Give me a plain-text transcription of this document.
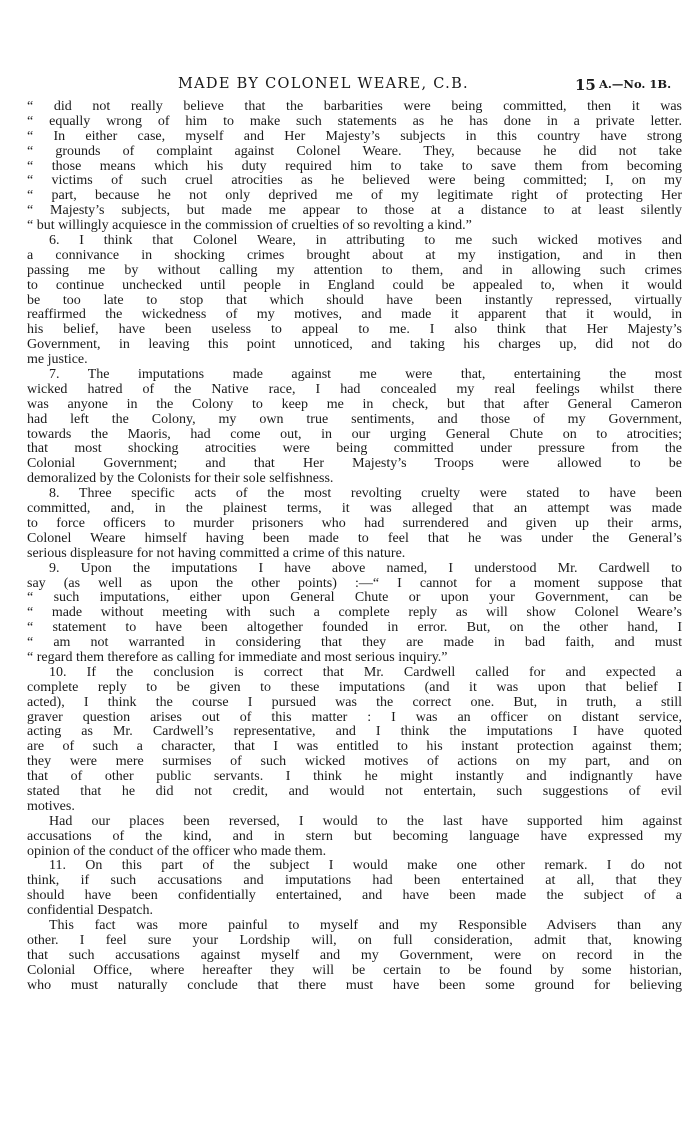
MADE BY COLONEL WEARE, C.B.	15 A.—No. 1B.
“ did not really believe that the barbarities were being committed, then it was
“ equally wrong of him to make such statements as he has done in a private letter.
“ In either case, myself and Her Majesty’s subjects in this country have strong
“ grounds of complaint against Colonel Weare. They, because he did not take
“ those means which his duty required him to take to save them from becoming
“ victims of such cruel atrocities as he believed were being committed; I, on my
“ part, because he not only deprived me of my legitimate right of protecting Her
“ Majesty’s subjects, but made me appear to those at a distance to at least silently
“ but willingly acquiesce in the commission of cruelties of so revolting a kind.”
6. I think that Colonel Weare, in attributing to me such wicked motives and
a connivance in shocking crimes brought about at my instigation, and in then
passing me by without calling my attention to them, and in allowing such crimes
to continue unchecked until people in England could be appealed to, when it would
be too late to stop that which should have been instantly repressed, virtually
reaffirmed the wickedness of my motives, and made it apparent that it would, in
his belief, have been useless to appeal to me. I also think that Her Majesty’s
Government, in leaving this point unnoticed, and taking his charges up, did not do
me justice.
7. The imputations made against me were that, entertaining the most
wicked hatred of the Native race, I had concealed my real feelings whilst there
was anyone in the Colony to keep me in check, but that after General Cameron
had left the Colony, my own true sentiments, and those of my Government,
towards the Maoris, had come out, in our urging General Chute on to atrocities;
that most shocking atrocities were being committed under pressure from the
Colonial Government; and that Her Majesty’s Troops were allowed to be
demoralized by the Colonists for their sole selfishness.
8. Three specific acts of the most revolting cruelty were stated to have been
committed, and, in the plainest terms, it was alleged that an attempt was made
to force officers to murder prisoners who had surrendered and given up their arms,
Colonel Weare himself having been made to feel that he was under the General’s
serious displeasure for not having committed a crime of this nature.
9. Upon the imputations I have above named, I understood Mr. Cardwell to
say (as well as upon the other points) :—“ I cannot for a moment suppose that
“ such imputations, either upon General Chute or upon your Government, can be
“ made without meeting with such a complete reply as will show Colonel Weare’s
“ statement to have been altogether founded in error. But, on the other hand, I
“ am not warranted in considering that they are made in bad faith, and must
“ regard them therefore as calling for immediate and most serious inquiry.”
10. If the conclusion is correct that Mr. Cardwell called for and expected a
complete reply to be given to these imputations (and it was upon that belief I
acted), I think the course I pursued was the correct one. But, in truth, a still
graver question arises out of this matter : I was an officer on distant service,
acting as Mr. Cardwell’s representative, and I think the imputations I have quoted
are of such a character, that I was entitled to his instant protection against them;
they were mere surmises of such wicked motives of actions on my part, and on
that of other public servants. I think he might instantly and indignantly have
stated that he did not credit, and would not entertain, such suggestions of evil
motives.
Had our places been reversed, I would to the last have supported him against
accusations of the kind, and in stern but becoming language have expressed my
opinion of the conduct of the officer who made them.
11. On this part of the subject I would make one other remark. I do not
think, if such accusations and imputations had been entertained at all, that they
should have been confidentially entertained, and have been made the subject of a
confidential Despatch.
This fact was more painful to myself and my Responsible Advisers than any
other. I feel sure your Lordship will, on full consideration, admit that, knowing
that such accusations against myself and my Government, were on record in the
Colonial Office, where hereafter they will be certain to be found by some historian,
who must naturally conclude that there must have been some ground for believing
